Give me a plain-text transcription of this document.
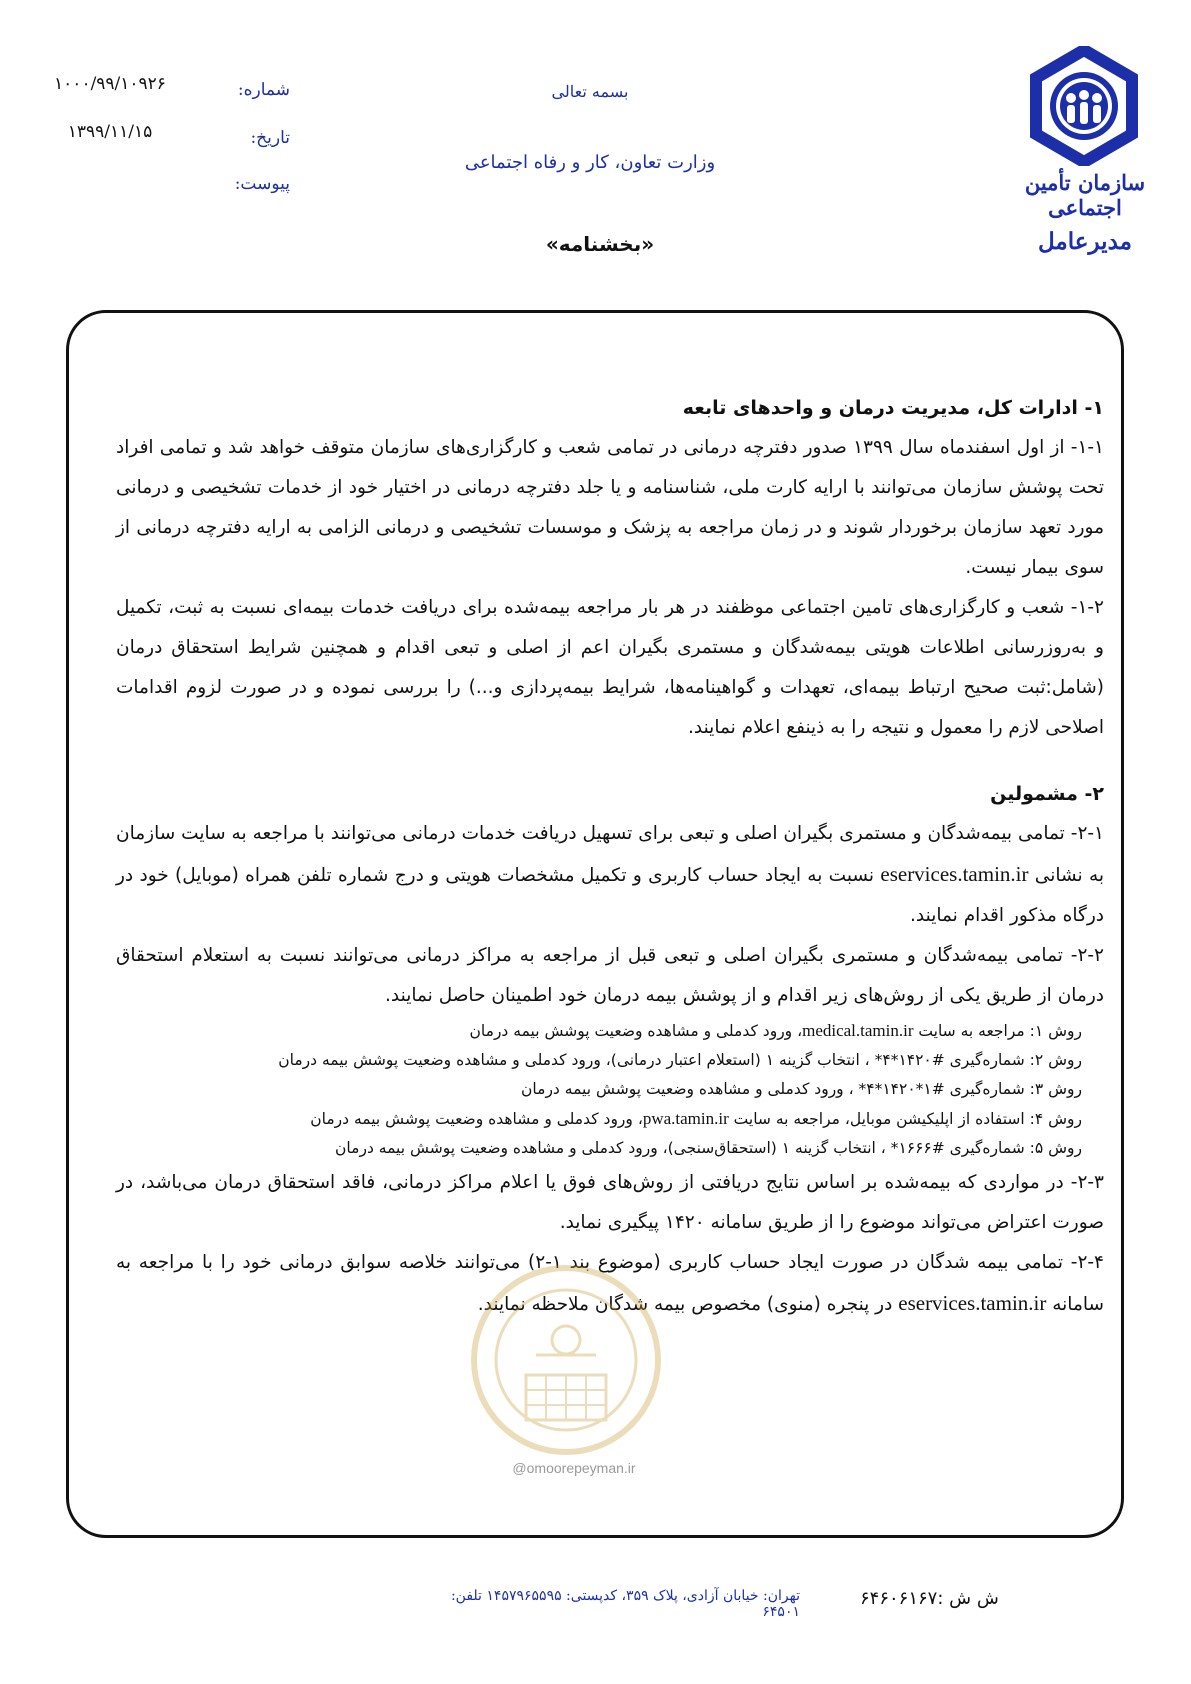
سازمان تأمین اجتماعی
مدیرعامل
بسمه تعالی
وزارت تعاون، کار و رفاه اجتماعی
شماره:
۱۰۰۰/۹۹/۱۰۹۲۶
تاریخ:
۱۳۹۹/۱۱/۱۵
پیوست:
«بخشنامه»

۱- ادارات کل، مدیریت درمان و واحدهای تابعه

۱-۱- از اول اسفندماه سال ۱۳۹۹ صدور دفترچه درمانی در تمامی شعب و کارگزاری‌های سازمان متوقف خواهد شد و تمامی افراد تحت پوشش سازمان می‌توانند با ارایه کارت ملی، شناسنامه و یا جلد دفترچه درمانی در اختیار خود از خدمات تشخیصی و درمانی مورد تعهد سازمان برخوردار شوند و در زمان مراجعه به پزشک و موسسات تشخیصی و درمانی الزامی به ارایه دفترچه درمانی از سوی بیمار نیست.

۱-۲- شعب و کارگزاری‌های تامین اجتماعی موظفند در هر بار مراجعه بیمه‌شده برای دریافت خدمات بیمه‌ای نسبت به ثبت، تکمیل و به‌روزرسانی اطلاعات هویتی بیمه‌شدگان و مستمری بگیران اعم از اصلی و تبعی اقدام و همچنین شرایط استحقاق درمان (شامل:ثبت صحیح ارتباط بیمه‌ای، تعهدات و گواهینامه‌ها، شرایط بیمه‌پردازی و...) را بررسی نموده و در صورت لزوم اقدامات اصلاحی لازم را معمول و نتیجه را به ذینفع اعلام نمایند.

۲- مشمولین

۲-۱- تمامی بیمه‌شدگان و مستمری بگیران اصلی و تبعی برای تسهیل دریافت خدمات درمانی می‌توانند با مراجعه به سایت سازمان به نشانی eservices.tamin.ir نسبت به ایجاد حساب کاربری و تکمیل مشخصات هویتی و درج شماره تلفن همراه (موبایل) خود در درگاه مذکور اقدام نمایند.

۲-۲- تمامی بیمه‌شدگان و مستمری بگیران اصلی و تبعی قبل از مراجعه به مراکز درمانی می‌توانند نسبت به استعلام استحقاق درمان از طریق یکی از روش‌های زیر اقدام و از پوشش بیمه درمان خود اطمینان حاصل نمایند.

روش ۱: مراجعه به سایت medical.tamin.ir، ورود کدملی و مشاهده وضعیت پوشش بیمه درمان
روش ۲: شماره‌گیری #۱۴۲۰*۴* ، انتخاب گزینه ۱ (استعلام اعتبار درمانی)، ورود کدملی و مشاهده وضعیت پوشش بیمه درمان
روش ۳: شماره‌گیری #۱*۱۴۲۰*۴* ، ورود کدملی و مشاهده وضعیت پوشش بیمه درمان
روش ۴: استفاده از اپلیکیشن موبایل، مراجعه به سایت pwa.tamin.ir، ورود کدملی و مشاهده وضعیت پوشش بیمه درمان
روش ۵: شماره‌گیری #۱۶۶۶* ، انتخاب گزینه ۱ (استحقاق‌سنجی)، ورود کدملی و مشاهده وضعیت پوشش بیمه درمان

۲-۳- در مواردی که بیمه‌شده بر اساس نتایج دریافتی از روش‌های فوق یا اعلام مراکز درمانی، فاقد استحقاق درمان می‌باشد، در صورت اعتراض می‌تواند موضوع را از طریق سامانه ۱۴۲۰ پیگیری نماید.

۲-۴- تمامی بیمه شدگان در صورت ایجاد حساب کاربری (موضوع بند ۱-۲) می‌توانند خلاصه سوابق درمانی خود را با مراجعه به سامانه eservices.tamin.ir در پنجره (منوی) مخصوص بیمه شدگان ملاحظه نمایند.

@omoorepeyman.ir
تهران: خیابان آزادی، پلاک ۳۵۹، کدپستی: ۱۴۵۷۹۶۵۵۹۵ تلفن: ۶۴۵۰۱
ش ش :۶۴۶۰۶۱۶۷
